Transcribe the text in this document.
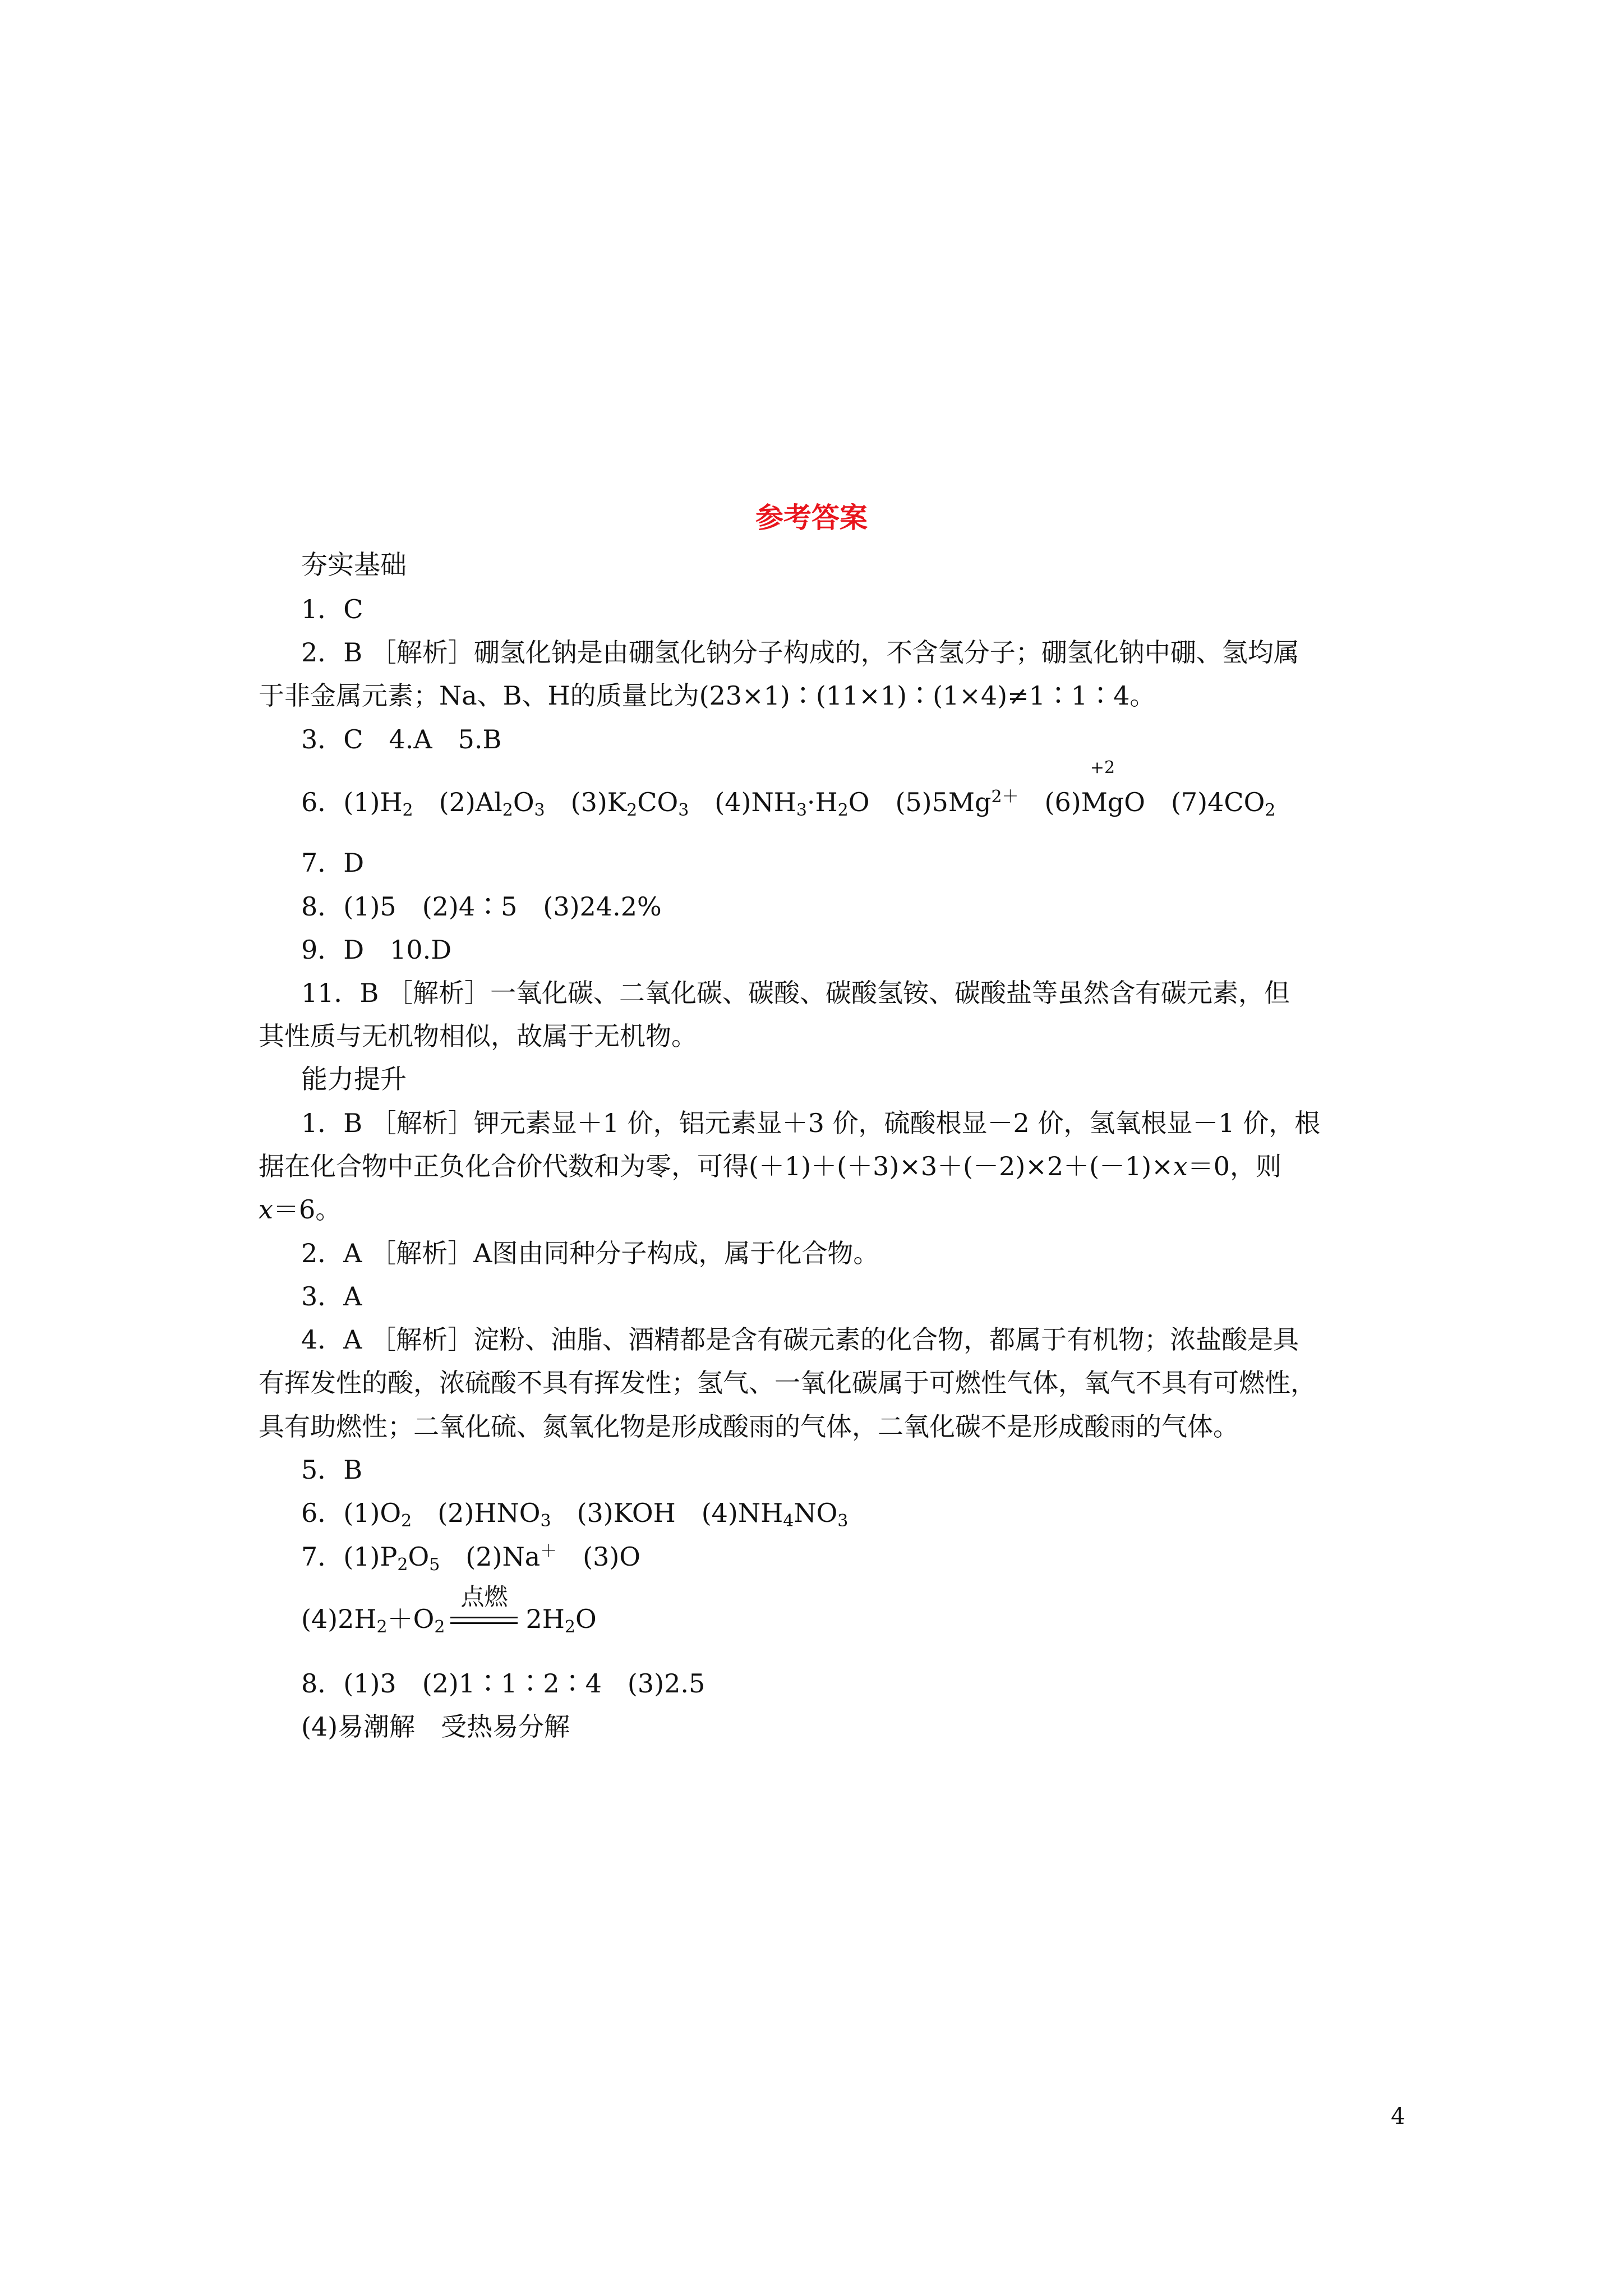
参考答案
夯实基础
1．C
2．B ［解析］硼氢化钠是由硼氢化钠分子构成的，不含氢分子；硼氢化钠中硼、氢均属
于非金属元素；Na、B、H的质量比为(23×1)∶(11×1)∶(1×4)≠1∶1∶4。
3．C　4.A　5.B
6．$(1)H_2$　$(2)Al_2O_3$　$(3)K_2CO_3$　$(4)NH_3\cdot H_2O$　$(5)5Mg^{2+}$　(6)
+2
MgO　$(7)4CO_2$
7．D
8．(1)5　(2)4∶5　(3)24.2%
9．D　10.D
11．B ［解析］一氧化碳、二氧化碳、碳酸、碳酸氢铵、碳酸盐等虽然含有碳元素，但
其性质与无机物相似，故属于无机物。
能力提升
1．B ［解析］钾元素显＋1 价，铝元素显＋3 价，硫酸根显－2 价，氢氧根显－1 价，根
据在化合物中正负化合价代数和为零，可得(＋1)＋(＋3)×3＋(－2)×2＋(－1)×x＝0，则
x＝6。
2．A ［解析］A图由同种分子构成，属于化合物。
3．A
4．A ［解析］淀粉、油脂、酒精都是含有碳元素的化合物，都属于有机物；浓盐酸是具
有挥发性的酸，浓硫酸不具有挥发性；氢气、一氧化碳属于可燃性气体，氧气不具有可燃性，
具有助燃性；二氧化硫、氮氧化物是形成酸雨的气体，二氧化碳不是形成酸雨的气体。
5．B
6．$(1)O_2$　$(2)HNO_3$　(3)KOH　$(4)NH_4NO_3$
7．$(1)P_2O_5$　(2)Na＋　(3)O
$(4)2H_2+O_2$
点燃
$2H_2O$
8．(1)3　(2)1∶1∶2∶4　(3)2.5
(4)易潮解　受热易分解
4
